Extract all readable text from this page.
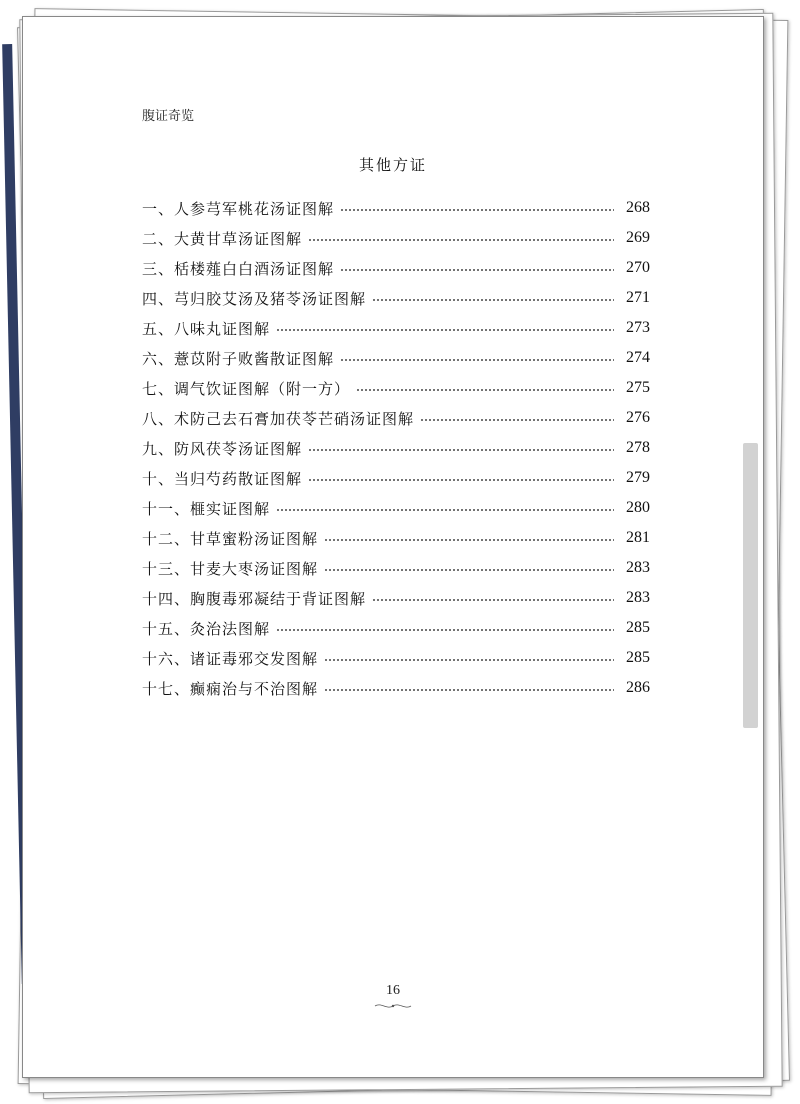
腹证奇览
其他方证
一、人参芎军桃花汤证图解	268
二、大黄甘草汤证图解	269
三、栝楼薤白白酒汤证图解	270
四、芎归胶艾汤及猪苓汤证图解	271
五、八味丸证图解	273
六、薏苡附子败酱散证图解	274
七、调气饮证图解（附一方）	275
八、术防己去石膏加茯苓芒硝汤证图解	276
九、防风茯苓汤证图解	278
十、当归芍药散证图解	279
十一、榧实证图解	280
十二、甘草蜜粉汤证图解	281
十三、甘麦大枣汤证图解	283
十四、胸腹毒邪凝结于背证图解	283
十五、灸治法图解	285
十六、诸证毒邪交发图解	285
十七、癫痫治与不治图解	286
16
